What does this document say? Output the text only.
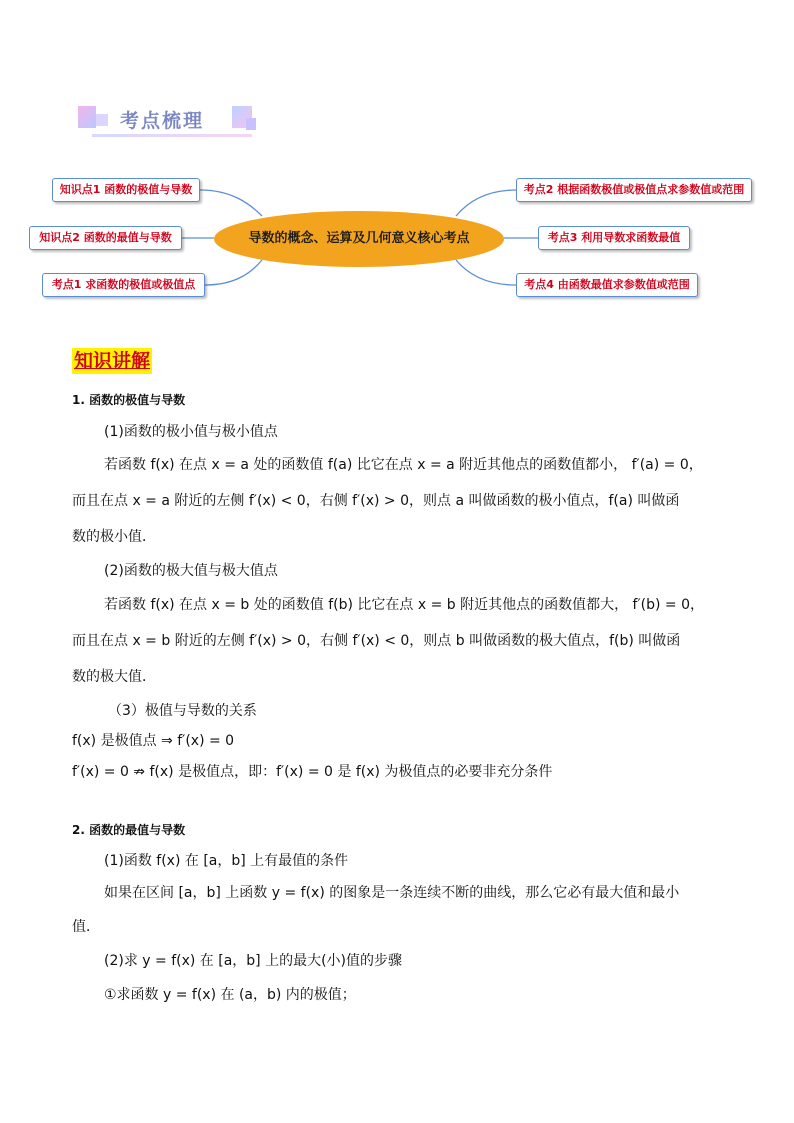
考点梳理
知识点1 函数的极值与导数
知识点2 函数的最值与导数
考点1 求函数的极值或极值点
导数的概念、运算及几何意义核心考点
考点2 根据函数极值或极值点求参数值或范围
考点3 利用导数求函数最值
考点4 由函数最值求参数值或范围
知识讲解
1. 函数的极值与导数
(1)函数的极小值与极小值点
若函数 f(x) 在点 x = a 处的函数值 f(a) 比它在点 x = a 附近其他点的函数值都小， f′(a) = 0，
而且在点 x = a 附近的左侧 f′(x) < 0，右侧 f′(x) > 0，则点 a 叫做函数的极小值点，f(a) 叫做函
数的极小值．
(2)函数的极大值与极大值点
若函数 f(x) 在点 x = b 处的函数值 f(b) 比它在点 x = b 附近其他点的函数值都大， f′(b) = 0，
而且在点 x = b 附近的左侧 f′(x) > 0，右侧 f′(x) < 0，则点 b 叫做函数的极大值点，f(b) 叫做函
数的极大值．
（3）极值与导数的关系
f(x) 是极值点 ⇒ f′(x) = 0
f′(x) = 0 ⇏ f(x) 是极值点，即：f′(x) = 0 是 f(x) 为极值点的必要非充分条件
2. 函数的最值与导数
(1)函数 f(x) 在 [a，b] 上有最值的条件
如果在区间 [a，b] 上函数 y = f(x) 的图象是一条连续不断的曲线，那么它必有最大值和最小
值．
(2)求 y = f(x) 在 [a，b] 上的最大(小)值的步骤
①求函数 y = f(x) 在 (a，b) 内的极值；
